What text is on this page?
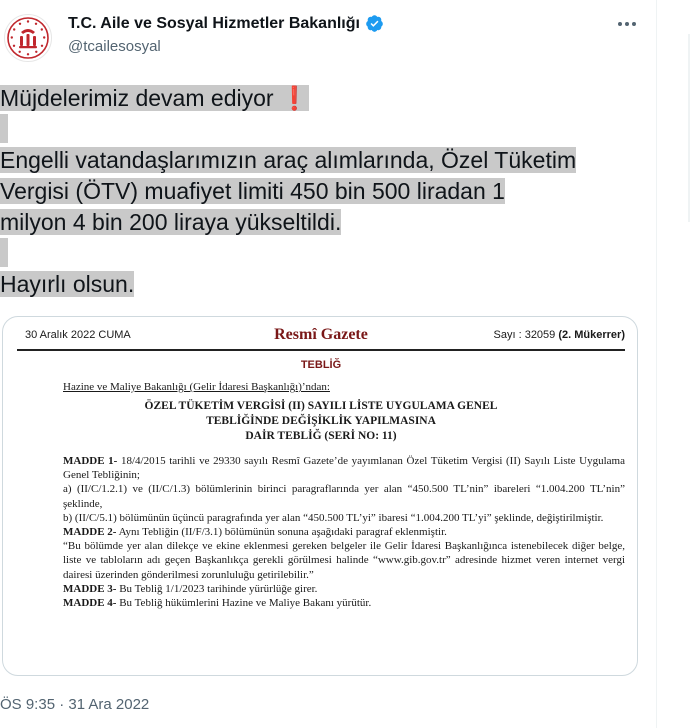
T.C. Aile ve Sosyal Hizmetler Bakanlığı
@tcailesosyal
Müjdelerimiz devam ediyor ❗
Engelli vatandaşlarımızın araç alımlarında, Özel Tüketim
Vergisi (ÖTV) muafiyet limiti 450 bin 500 liradan 1
milyon 4 bin 200 liraya yükseltildi.
Hayırlı olsun.
30 Aralık 2022 CUMA	Resmî Gazete	Sayı : 32059 (2. Mükerrer)
TEBLİĞ
Hazine ve Maliye Bakanlığı (Gelir İdaresi Başkanlığı)’ndan:
ÖZEL TÜKETİM VERGİSİ (II) SAYILI LİSTE UYGULAMA GENEL
TEBLİĞİNDE DEĞİŞİKLİK YAPILMASINA
DAİR TEBLİĞ (SERİ NO: 11)
MADDE 1- 18/4/2015 tarihli ve 29330 sayılı Resmî Gazete’de yayımlanan Özel Tüketim Vergisi (II) Sayılı Liste Uygulama Genel Tebliğinin;
a) (II/C/1.2.1) ve (II/C/1.3) bölümlerinin birinci paragraflarında yer alan “450.500 TL’nin” ibareleri “1.004.200 TL’nin” şeklinde,
b) (II/C/5.1) bölümünün üçüncü paragrafında yer alan “450.500 TL’yi” ibaresi “1.004.200 TL’yi” şeklinde, değiştirilmiştir.
MADDE 2- Aynı Tebliğin (II/F/3.1) bölümünün sonuna aşağıdaki paragraf eklenmiştir.
“Bu bölümde yer alan dilekçe ve ekine eklenmesi gereken belgeler ile Gelir İdaresi Başkanlığınca istenebilecek diğer belge, liste ve tabloların adı geçen Başkanlıkça gerekli görülmesi halinde “www.gib.gov.tr” adresinde hizmet veren internet vergi dairesi üzerinden gönderilmesi zorunluluğu getirilebilir.”
MADDE 3- Bu Tebliğ 1/1/2023 tarihinde yürürlüğe girer.
MADDE 4- Bu Tebliğ hükümlerini Hazine ve Maliye Bakanı yürütür.
ÖS 9:35 · 31 Ara 2022
